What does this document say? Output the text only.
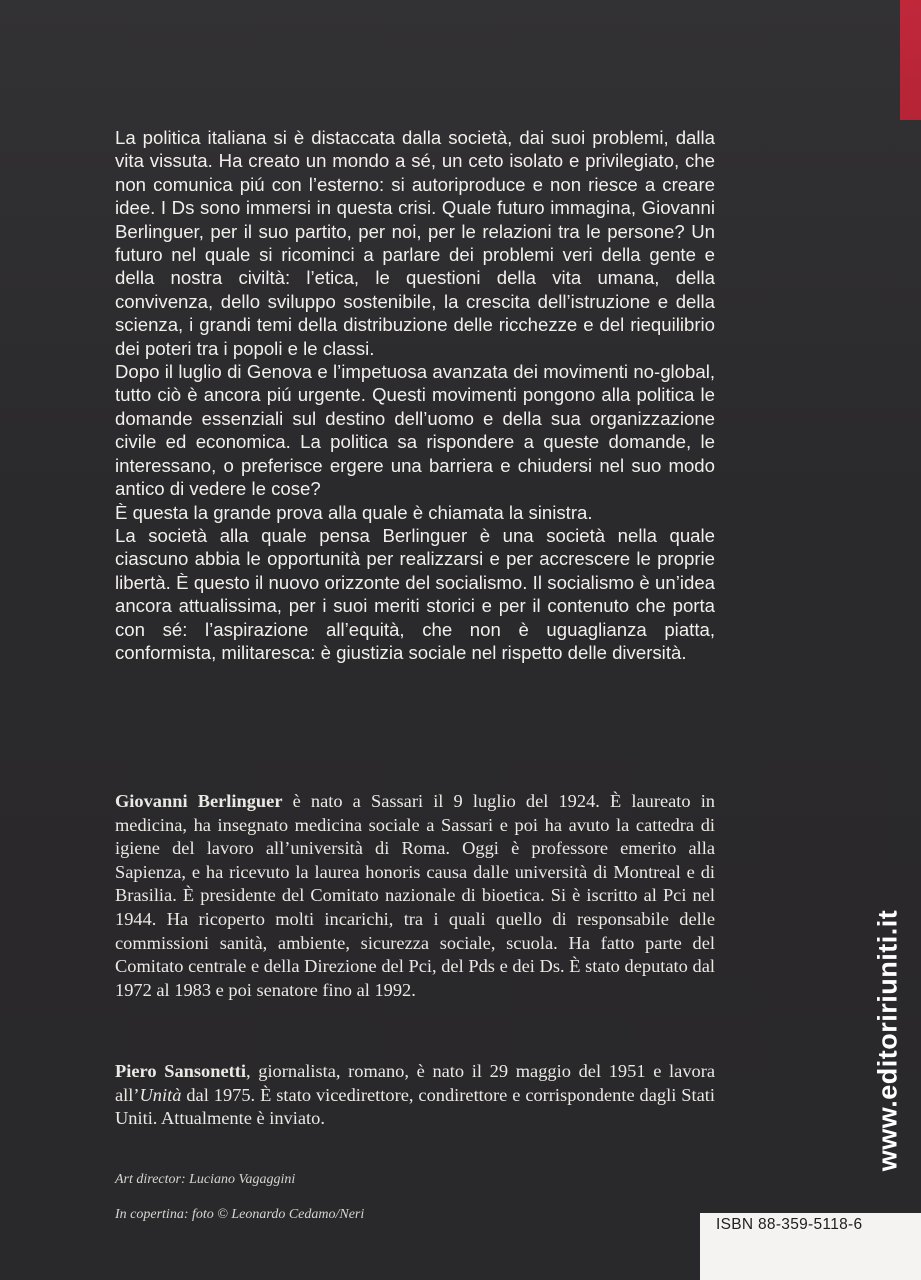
La politica italiana si è distaccata dalla società, dai suoi problemi, dalla vita vissuta. Ha creato un mondo a sé, un ceto isolato e privilegiato, che non comunica piú con l’esterno: si autoriproduce e non riesce a creare idee. I Ds sono immersi in questa crisi. Quale futuro immagina, Giovanni Berlinguer, per il suo partito, per noi, per le relazioni tra le persone? Un futuro nel quale si ricominci a parlare dei problemi veri della gente e della nostra civiltà: l’etica, le questioni della vita umana, della convivenza, dello sviluppo sostenibile, la crescita dell’istruzione e della scienza, i grandi temi della distribuzione delle ricchezze e del riequilibrio dei poteri tra i popoli e le classi.

Dopo il luglio di Genova e l’impetuosa avanzata dei movimenti no-global, tutto ciò è ancora piú urgente. Questi movimenti pongono alla politica le domande essenziali sul destino dell’uomo e della sua organizzazione civile ed economica. La politica sa rispondere a queste domande, le interessano, o preferisce ergere una barriera e chiudersi nel suo modo antico di vedere le cose?

È questa la grande prova alla quale è chiamata la sinistra.

La società alla quale pensa Berlinguer è una società nella quale ciascuno abbia le opportunità per realizzarsi e per accrescere le proprie libertà. È questo il nuovo orizzonte del socialismo. Il socialismo è un’idea ancora attualissima, per i suoi meriti storici e per il contenuto che porta con sé: l’aspirazione all’equità, che non è uguaglianza piatta, conformista, militaresca: è giustizia sociale nel rispetto delle diversità.

Giovanni Berlinguer è nato a Sassari il 9 luglio del 1924. È laureato in medicina, ha insegnato medicina sociale a Sassari e poi ha avuto la cattedra di igiene del lavoro all’università di Roma. Oggi è professore emerito alla Sapienza, e ha ricevuto la laurea honoris causa dalle università di Montreal e di Brasilia. È presidente del Comitato nazionale di bioetica. Si è iscritto al Pci nel 1944. Ha ricoperto molti incarichi, tra i quali quello di responsabile delle commissioni sanità, ambiente, sicurezza sociale, scuola. Ha fatto parte del Comitato centrale e della Direzione del Pci, del Pds e dei Ds. È stato deputato dal 1972 al 1983 e poi senatore fino al 1992.

Piero Sansonetti, giornalista, romano, è nato il 29 maggio del 1951 e lavora all’Unità dal 1975. È stato vicedirettore, condirettore e corrispondente dagli Stati Uniti. Attualmente è inviato.

Art director: Luciano Vagaggini
In copertina: foto © Leonardo Cedamo/Neri
www.editoririuniti.it
ISBN 88-359-5118-6
